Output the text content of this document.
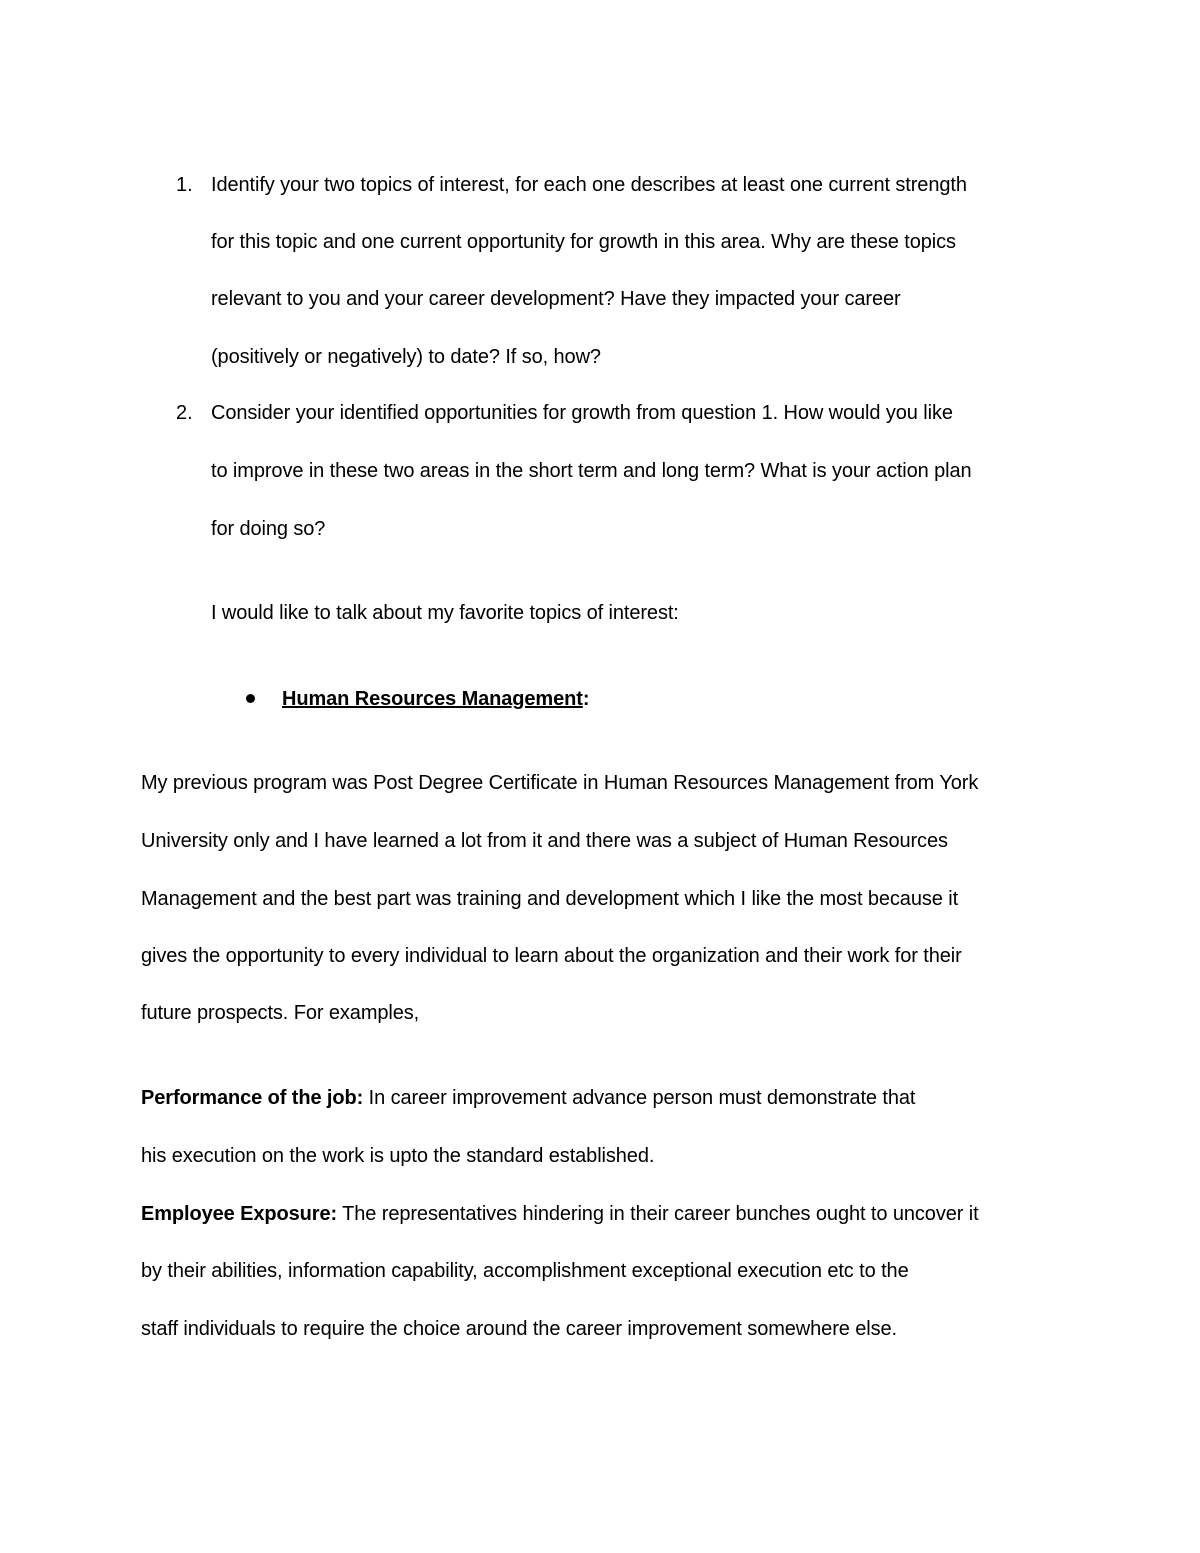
1. Identify your two topics of interest, for each one describes at least one current strength
for this topic and one current opportunity for growth in this area. Why are these topics
relevant to you and your career development? Have they impacted your career
(positively or negatively) to date? If so, how?
2. Consider your identified opportunities for growth from question 1. How would you like
to improve in these two areas in the short term and long term? What is your action plan
for doing so?
I would like to talk about my favorite topics of interest:
Human Resources Management:
My previous program was Post Degree Certificate in Human Resources Management from York
University only and I have learned a lot from it and there was a subject of Human Resources
Management and the best part was training and development which I like the most because it
gives the opportunity to every individual to learn about the organization and their work for their
future prospects. For examples,
Performance of the job: In career improvement advance person must demonstrate that
his execution on the work is upto the standard established.
Employee Exposure: The representatives hindering in their career bunches ought to uncover it
by their abilities, information capability, accomplishment exceptional execution etc to the
staff individuals to require the choice around the career improvement somewhere else.
